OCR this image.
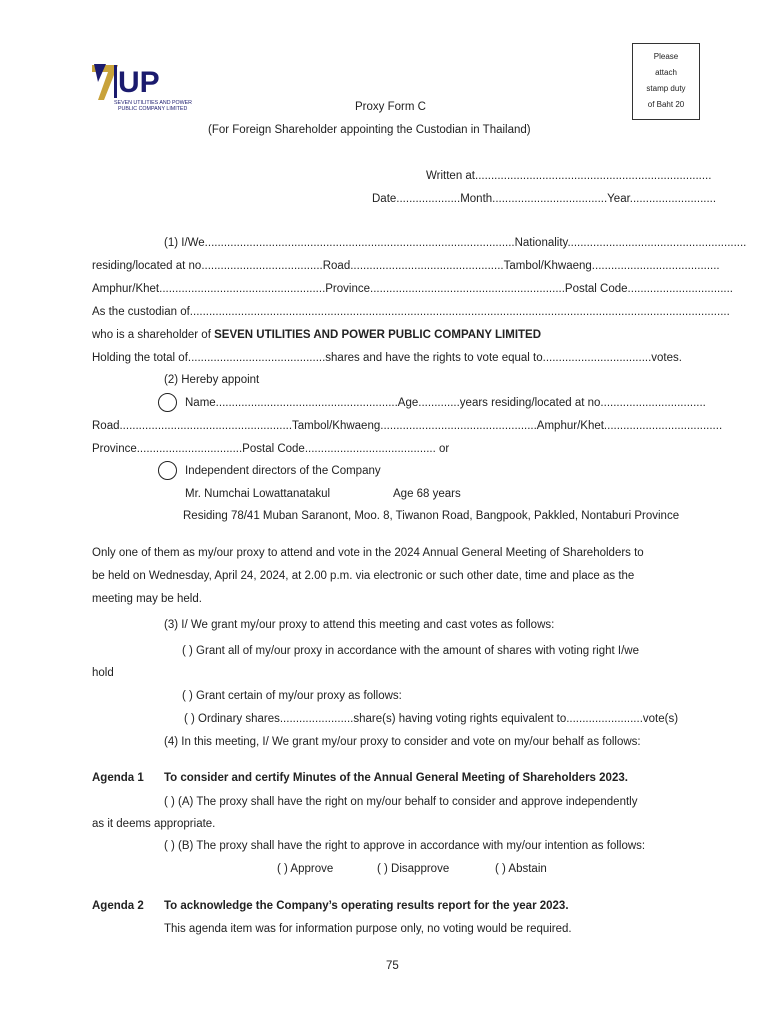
UP
SEVEN UTILITIES AND POWER
PUBLIC COMPANY LIMITED
Please
attach
stamp duty
of Baht 20
Proxy Form C
(For Foreign Shareholder appointing the Custodian in Thailand)
Written at..........................................................................
Date....................Month....................................Year...........................
(1) I/We.................................................................................................Nationality........................................................
residing/located at no......................................Road................................................Tambol/Khwaeng........................................
Amphur/Khet....................................................Province.............................................................Postal Code.................................
As the custodian of.........................................................................................................................................................................
who is a shareholder of SEVEN UTILITIES AND POWER PUBLIC COMPANY LIMITED
Holding the total of...........................................shares and have the rights to vote equal to..................................votes.
(2) Hereby appoint
Name.........................................................Age.............years residing/located at no.................................
Road......................................................Tambol/Khwaeng.................................................Amphur/Khet.....................................
Province.................................Postal Code......................................... or
Independent directors of the Company
Mr. Numchai Lowattanatakul	Age 68 years
Residing 78/41 Muban Saranont, Moo. 8, Tiwanon Road, Bangpook, Pakkled, Nontaburi Province
Only one of them as my/our proxy to attend and vote in the 2024 Annual General Meeting of Shareholders to
be held on Wednesday, April 24, 2024, at 2.00 p.m. via electronic or such other date, time and place as the
meeting may be held.
(3) I/ We grant my/our proxy to attend this meeting and cast votes as follows:
( ) Grant all of my/our proxy in accordance with the amount of shares with voting right I/we
hold
( ) Grant certain of my/our proxy as follows:
( ) Ordinary shares.......................share(s) having voting rights equivalent to........................vote(s)
(4) In this meeting, I/ We grant my/our proxy to consider and vote on my/our behalf as follows:
Agenda 1 To consider and certify Minutes of the Annual General Meeting of Shareholders 2023.
( ) (A) The proxy shall have the right on my/our behalf to consider and approve independently
as it deems appropriate.
( ) (B) The proxy shall have the right to approve in accordance with my/our intention as follows:
( ) Approve	( ) Disapprove	( ) Abstain
Agenda 2 To acknowledge the Company’s operating results report for the year 2023.
This agenda item was for information purpose only, no voting would be required.
75
